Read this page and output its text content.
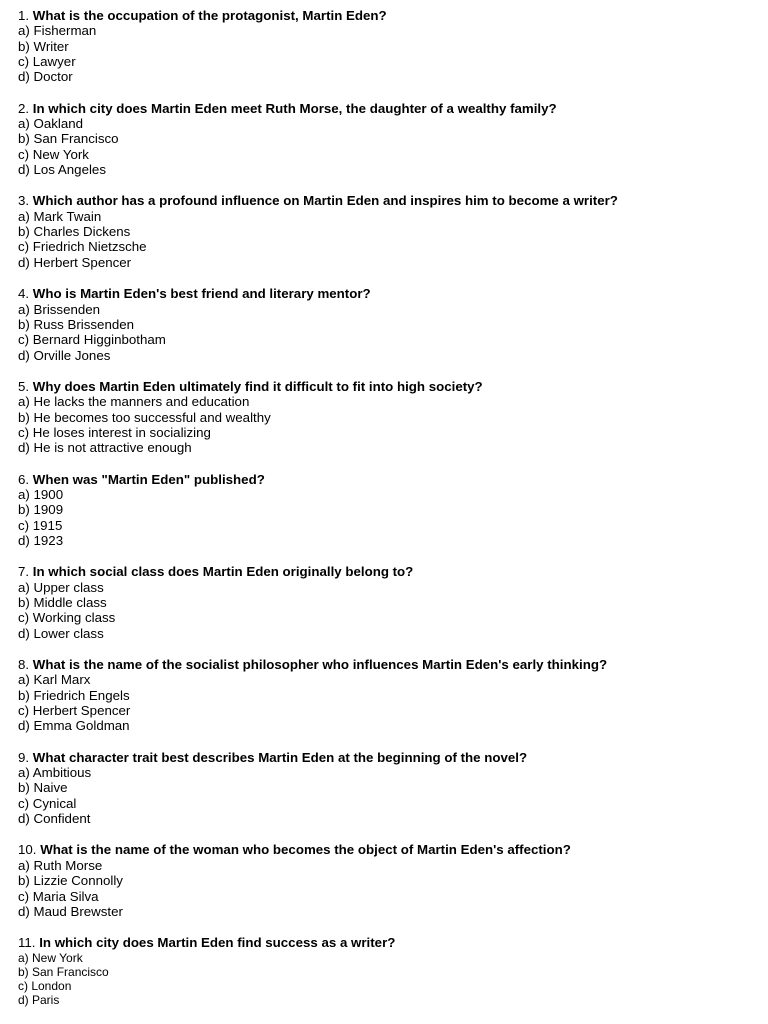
1. What is the occupation of the protagonist, Martin Eden?
a) Fisherman
b) Writer
c) Lawyer
d) Doctor
2. In which city does Martin Eden meet Ruth Morse, the daughter of a wealthy family?
a) Oakland
b) San Francisco
c) New York
d) Los Angeles
3. Which author has a profound influence on Martin Eden and inspires him to become a writer?
a) Mark Twain
b) Charles Dickens
c) Friedrich Nietzsche
d) Herbert Spencer
4. Who is Martin Eden's best friend and literary mentor?
a) Brissenden
b) Russ Brissenden
c) Bernard Higginbotham
d) Orville Jones
5. Why does Martin Eden ultimately find it difficult to fit into high society?
a) He lacks the manners and education
b) He becomes too successful and wealthy
c) He loses interest in socializing
d) He is not attractive enough
6. When was "Martin Eden" published?
a) 1900
b) 1909
c) 1915
d) 1923
7. In which social class does Martin Eden originally belong to?
a) Upper class
b) Middle class
c) Working class
d) Lower class
8. What is the name of the socialist philosopher who influences Martin Eden's early thinking?
a) Karl Marx
b) Friedrich Engels
c) Herbert Spencer
d) Emma Goldman
9. What character trait best describes Martin Eden at the beginning of the novel?
a) Ambitious
b) Naive
c) Cynical
d) Confident
10. What is the name of the woman who becomes the object of Martin Eden's affection?
a) Ruth Morse
b) Lizzie Connolly
c) Maria Silva
d) Maud Brewster
11. In which city does Martin Eden find success as a writer?
a) New York
b) San Francisco
c) London
d) Paris
